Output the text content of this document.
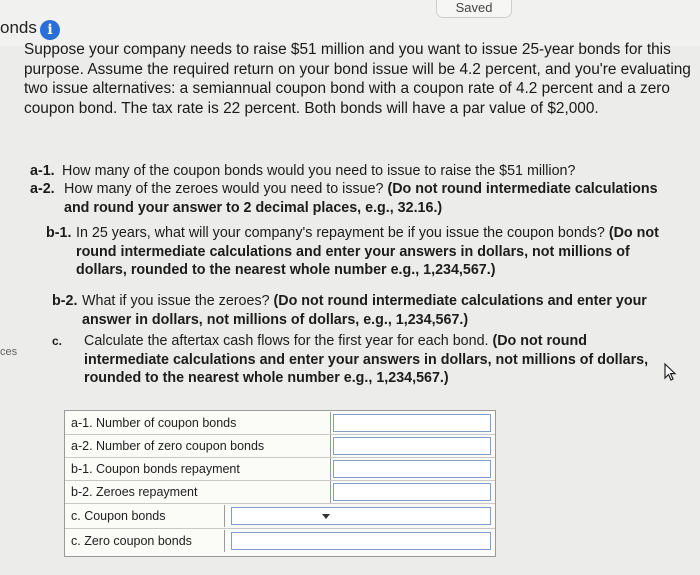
Saved
onds i
ces
Suppose your company needs to raise $51 million and you want to issue 25-year bonds for this purpose. Assume the required return on your bond issue will be 4.2 percent, and you're evaluating two issue alternatives: a semiannual coupon bond with a coupon rate of 4.2 percent and a zero coupon bond. The tax rate is 22 percent. Both bonds will have a par value of $2,000.
a-1. How many of the coupon bonds would you need to issue to raise the $51 million?
a-2. How many of the zeroes would you need to issue? (Do not round intermediate calculations and round your answer to 2 decimal places, e.g., 32.16.)
b-1. In 25 years, what will your company's repayment be if you issue the coupon bonds? (Do not round intermediate calculations and enter your answers in dollars, not millions of dollars, rounded to the nearest whole number e.g., 1,234,567.)
b-2. What if you issue the zeroes? (Do not round intermediate calculations and enter your answer in dollars, not millions of dollars, e.g., 1,234,567.)
c. Calculate the aftertax cash flows for the first year for each bond. (Do not round intermediate calculations and enter your answers in dollars, not millions of dollars, rounded to the nearest whole number e.g., 1,234,567.)
a-1. Number of coupon bonds
a-2. Number of zero coupon bonds
b-1. Coupon bonds repayment
b-2. Zeroes repayment
c. Coupon bonds
c. Zero coupon bonds
